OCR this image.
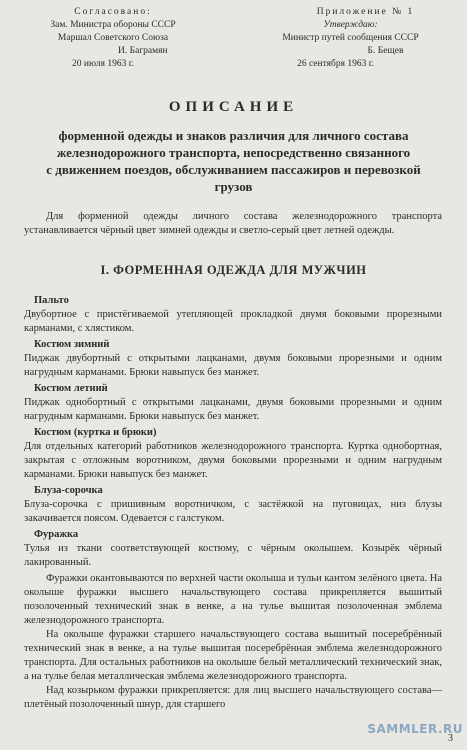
Согласовано:
Зам. Министра обороны СССР
Маршал Советского Союза
И. Баграмян
20 июля 1963 г.
Приложение № 1
Утверждаю:
Министр путей сообщения СССР
Б. Бещев
26 сентября 1963 г.
ОПИСАНИЕ
форменной одежды и знаков различия для личного состава
железнодорожного транспорта, непосредственно связанного
с движением поездов, обслуживанием пассажиров и перевозкой
грузов

Для форменной одежды личного состава железнодорожного транспорта устанавливается чёрный цвет зимней одежды и светло-серый цвет летней одежды.

I. ФОРМЕННАЯ ОДЕЖДА ДЛЯ МУЖЧИН
Пальто

Двубортное с пристёгиваемой утепляющей прокладкой двумя боковыми прорезными карманами, с хлястиком.

Костюм зимний

Пиджак двубортный с открытыми лацканами, двумя боковыми прорезными и одним нагрудным карманами. Брюки навыпуск без манжет.

Костюм летний

Пиджак однобортный с открытыми лацканами, двумя боковыми прорезными и одним нагрудным карманами. Брюки навыпуск без манжет.

Костюм (куртка и брюки)

Для отдельных категорий работников железнодорожного транспорта. Куртка однобортная, закрытая с отложным воротником, двумя боковыми прорезными и одним нагрудным карманами. Брюки навыпуск без манжет.

Блуза-сорочка

Блуза-сорочка с пришивным воротничком, с застёжкой на пуговицах, низ блузы закачивается поясом. Одевается с галстуком.

Фуражка

Тулья из ткани соответствующей костюму, с чёрным околышем. Козырёк чёрный лакированный.

Фуражки окантовываются по верхней части околыша и тульи кантом зелёного цвета. На околыше фуражки высшего начальствующего состава прикрепляется вышитый позолоченный технический знак в венке, а на тулье вышитая позолоченная эмблема железнодорожного транспорта.

На околыше фуражки старшего начальствующего состава вышитый посеребрённый технический знак в венке, а на тулье вышитая посеребрённая эмблема железнодорожного транспорта. Для остальных работников на околыше белый металлический технический знак, а на тулье белая металлическая эмблема железнодорожного транспорта.

Над козырьком фуражки прикрепляется: для лиц высшего начальствующего состава—плетёный позолоченный шнур, для старшего

SAMMLER.RU
3
